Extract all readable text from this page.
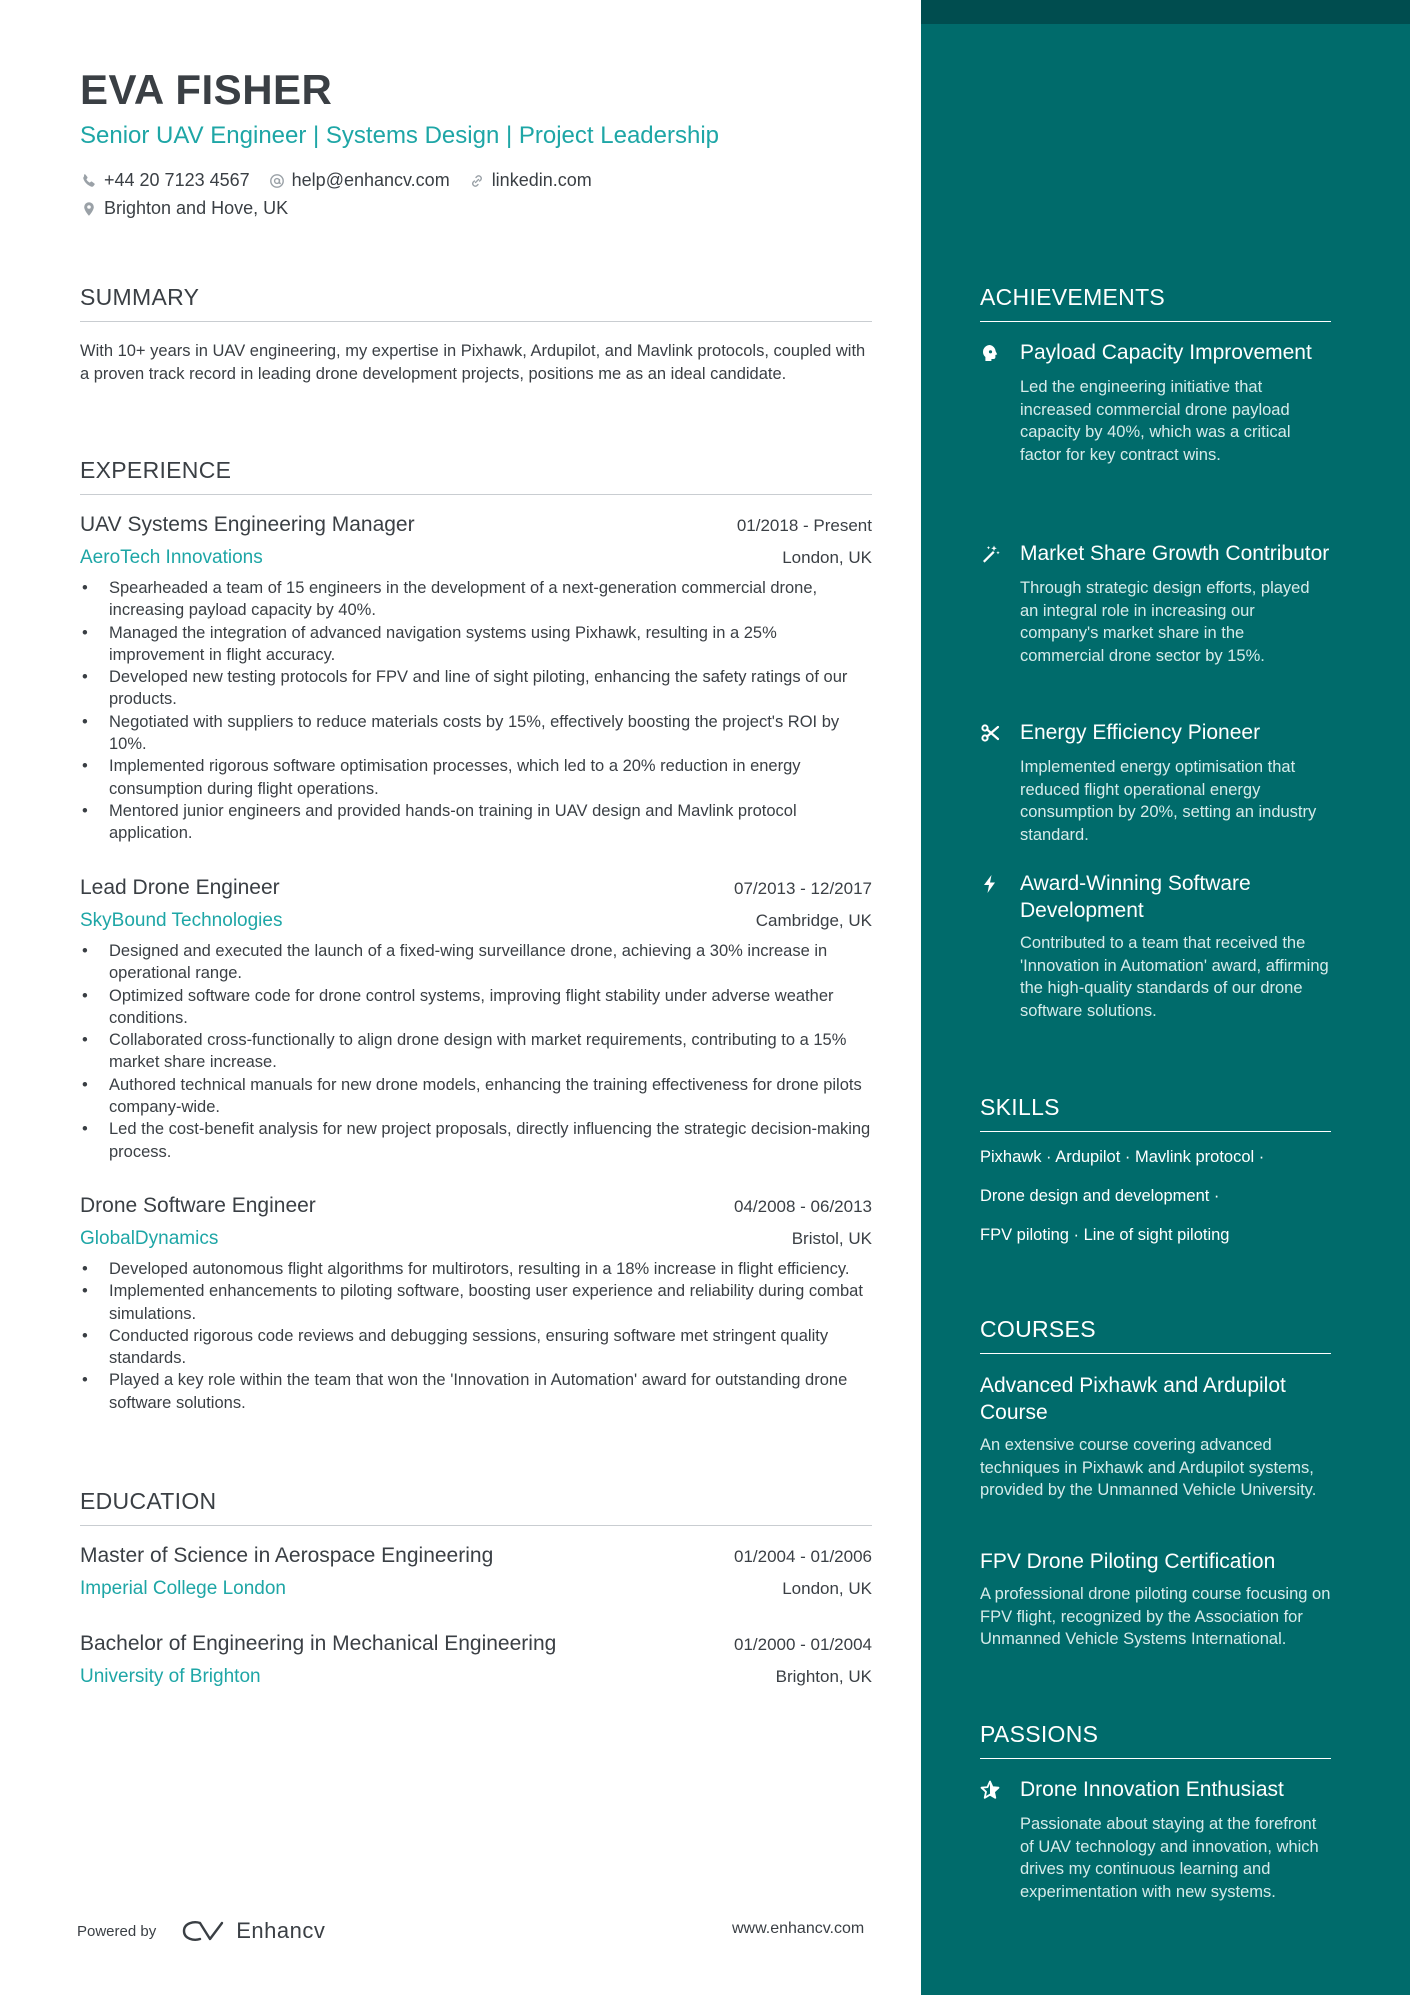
EVA FISHER
Senior UAV Engineer | Systems Design | Project Leadership
+44 20 7123 4567 help@enhancv.com linkedin.com
Brighton and Hove, UK
SUMMARY
With 10+ years in UAV engineering, my expertise in Pixhawk, Ardupilot, and Mavlink protocols, coupled with a proven track record in leading drone development projects, positions me as an ideal candidate.
EXPERIENCE
UAV Systems Engineering Manager	01/2018 - Present
AeroTech Innovations	London, UK
• Spearheaded a team of 15 engineers in the development of a next-generation commercial drone, increasing payload capacity by 40%.
• Managed the integration of advanced navigation systems using Pixhawk, resulting in a 25% improvement in flight accuracy.
• Developed new testing protocols for FPV and line of sight piloting, enhancing the safety ratings of our products.
• Negotiated with suppliers to reduce materials costs by 15%, effectively boosting the project's ROI by 10%.
• Implemented rigorous software optimisation processes, which led to a 20% reduction in energy consumption during flight operations.
• Mentored junior engineers and provided hands-on training in UAV design and Mavlink protocol application.
Lead Drone Engineer	07/2013 - 12/2017
SkyBound Technologies	Cambridge, UK
• Designed and executed the launch of a fixed-wing surveillance drone, achieving a 30% increase in operational range.
• Optimized software code for drone control systems, improving flight stability under adverse weather conditions.
• Collaborated cross-functionally to align drone design with market requirements, contributing to a 15% market share increase.
• Authored technical manuals for new drone models, enhancing the training effectiveness for drone pilots company-wide.
• Led the cost-benefit analysis for new project proposals, directly influencing the strategic decision-making process.
Drone Software Engineer	04/2008 - 06/2013
GlobalDynamics	Bristol, UK
• Developed autonomous flight algorithms for multirotors, resulting in a 18% increase in flight efficiency.
• Implemented enhancements to piloting software, boosting user experience and reliability during combat simulations.
• Conducted rigorous code reviews and debugging sessions, ensuring software met stringent quality standards.
• Played a key role within the team that won the 'Innovation in Automation' award for outstanding drone software solutions.
EDUCATION
Master of Science in Aerospace Engineering	01/2004 - 01/2006
Imperial College London	London, UK
Bachelor of Engineering in Mechanical Engineering	01/2000 - 01/2004
University of Brighton	Brighton, UK
Powered by	Enhancv	www.enhancv.com
ACHIEVEMENTS
Payload Capacity Improvement
Led the engineering initiative that increased commercial drone payload capacity by 40%, which was a critical factor for key contract wins.
Market Share Growth Contributor
Through strategic design efforts, played an integral role in increasing our company's market share in the commercial drone sector by 15%.
Energy Efficiency Pioneer
Implemented energy optimisation that reduced flight operational energy consumption by 20%, setting an industry standard.
Award-Winning Software Development
Contributed to a team that received the 'Innovation in Automation' award, affirming the high-quality standards of our drone software solutions.
SKILLS
Pixhawk · Ardupilot · Mavlink protocol ·
Drone design and development ·
FPV piloting · Line of sight piloting
COURSES
Advanced Pixhawk and Ardupilot Course
An extensive course covering advanced techniques in Pixhawk and Ardupilot systems, provided by the Unmanned Vehicle University.
FPV Drone Piloting Certification
A professional drone piloting course focusing on FPV flight, recognized by the Association for Unmanned Vehicle Systems International.
PASSIONS
Drone Innovation Enthusiast
Passionate about staying at the forefront of UAV technology and innovation, which drives my continuous learning and experimentation with new systems.
